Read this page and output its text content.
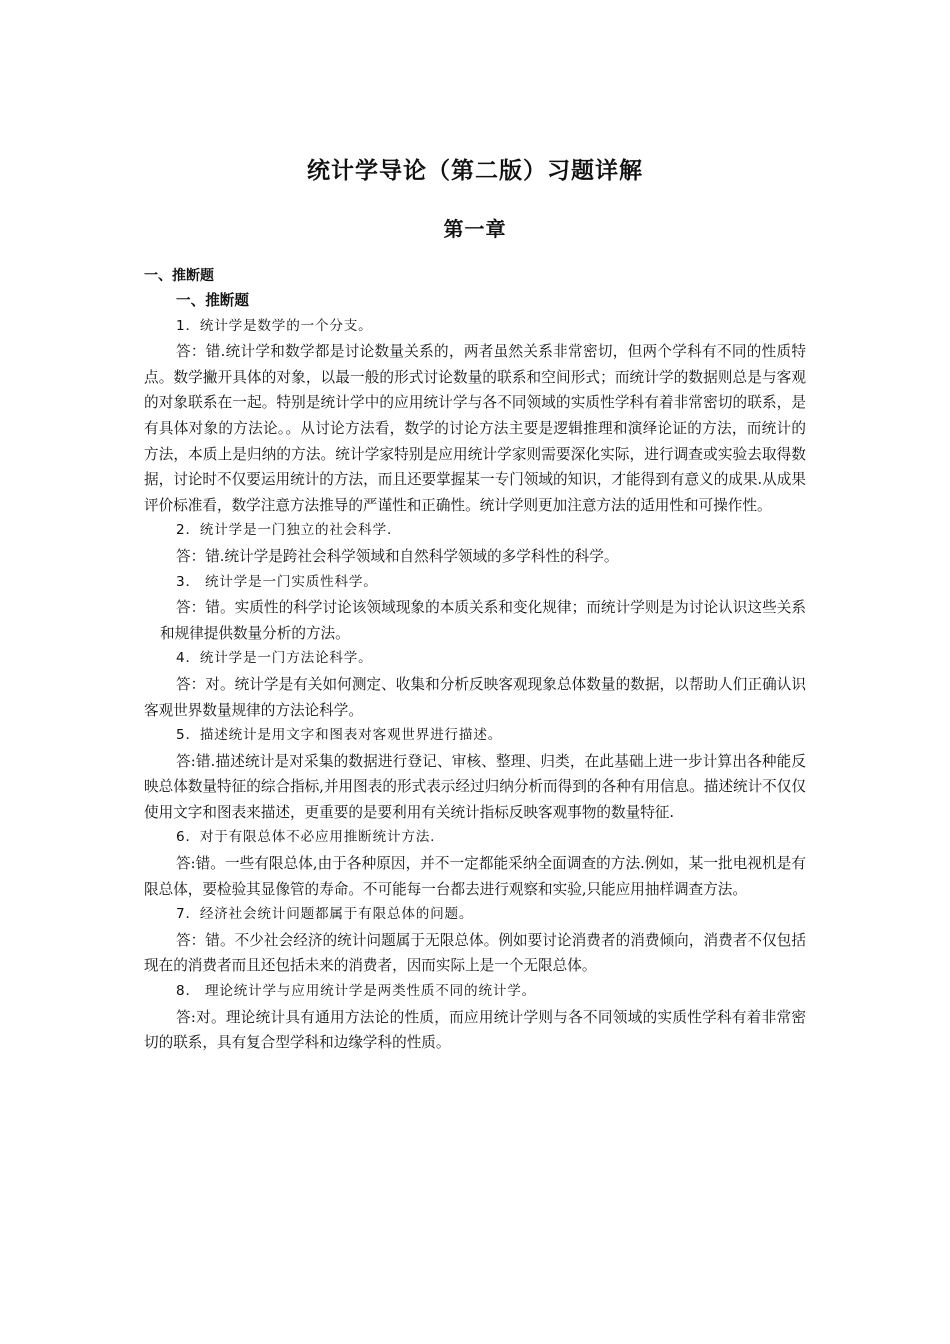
统计学导论（第二版）习题详解
第一章
一、推断题

一、推断题

1．统计学是数学的一个分支。

答：错.统计学和数学都是讨论数量关系的，两者虽然关系非常密切，但两个学科有不同的性质特点。数学撇开具体的对象，以最一般的形式讨论数量的联系和空间形式；而统计学的数据则总是与客观的对象联系在一起。特别是统计学中的应用统计学与各不同领域的实质性学科有着非常密切的联系，是有具体对象的方法论。。从讨论方法看，数学的讨论方法主要是逻辑推理和演绎论证的方法，而统计的方法，本质上是归纳的方法。统计学家特别是应用统计学家则需要深化实际，进行调查或实验去取得数据，讨论时不仅要运用统计的方法，而且还要掌握某一专门领域的知识，才能得到有意义的成果.从成果评价标准看，数学注意方法推导的严谨性和正确性。统计学则更加注意方法的适用性和可操作性。

2．统计学是一门独立的社会科学.

答：错.统计学是跨社会科学领域和自然科学领域的多学科性的科学。

3． 统计学是一门实质性科学。

答：错。实质性的科学讨论该领域现象的本质关系和变化规律；而统计学则是为讨论认识这些关系和规律提供数量分析的方法。

4．统计学是一门方法论科学。

答：对。统计学是有关如何测定、收集和分析反映客观现象总体数量的数据，以帮助人们正确认识客观世界数量规律的方法论科学。

5．描述统计是用文字和图表对客观世界进行描述。

答:错.描述统计是对采集的数据进行登记、审核、整理、归类，在此基础上进一步计算出各种能反映总体数量特征的综合指标,并用图表的形式表示经过归纳分析而得到的各种有用信息。描述统计不仅仅使用文字和图表来描述，更重要的是要利用有关统计指标反映客观事物的数量特征.

6．对于有限总体不必应用推断统计方法.

答:错。一些有限总体,由于各种原因，并不一定都能采纳全面调查的方法.例如，某一批电视机是有限总体，要检验其显像管的寿命。不可能每一台都去进行观察和实验,只能应用抽样调查方法。

7．经济社会统计问题都属于有限总体的问题。

答：错。不少社会经济的统计问题属于无限总体。例如要讨论消费者的消费倾向，消费者不仅包括现在的消费者而且还包括未来的消费者，因而实际上是一个无限总体。

8． 理论统计学与应用统计学是两类性质不同的统计学。

答:对。理论统计具有通用方法论的性质，而应用统计学则与各不同领域的实质性学科有着非常密切的联系，具有复合型学科和边缘学科的性质。
